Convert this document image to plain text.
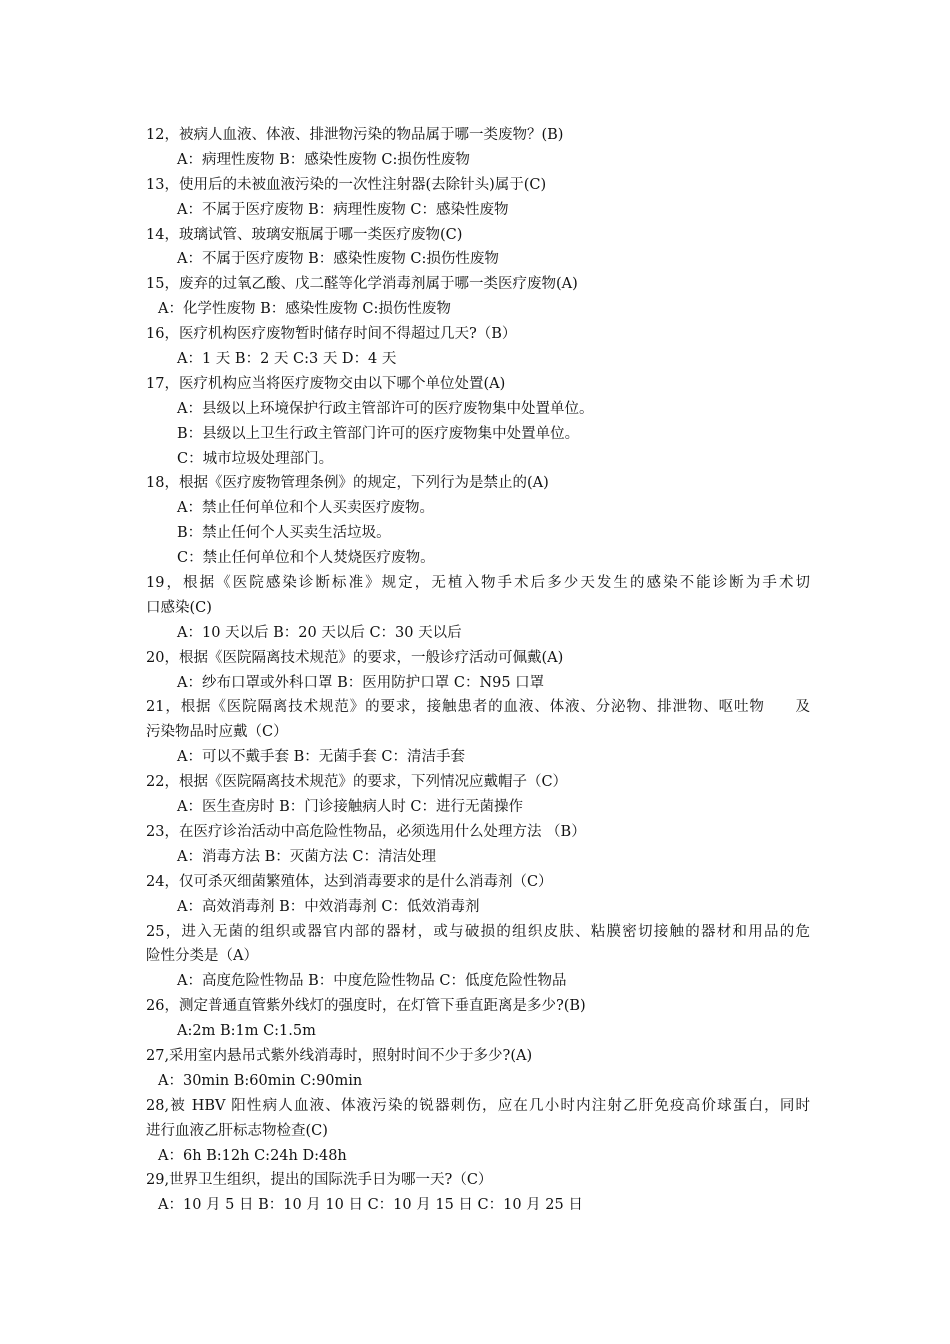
12，被病人血液、体液、排泄物污染的物品属于哪一类废物？(B)
A：病理性废物 B：感染性废物 C:损伤性废物
13，使用后的未被血液污染的一次性注射器(去除针头)属于(C)
A：不属于医疗废物 B：病理性废物 C：感染性废物
14，玻璃试管、玻璃安瓶属于哪一类医疗废物(C)
A：不属于医疗废物 B：感染性废物 C:损伤性废物
15，废弃的过氧乙酸、戊二醛等化学消毒剂属于哪一类医疗废物(A)
A：化学性废物 B：感染性废物 C:损伤性废物
16，医疗机构医疗废物暂时储存时间不得超过几天?（B）
A：1 天 B：2 天 C:3 天 D：4 天
17，医疗机构应当将医疗废物交由以下哪个单位处置(A)
A：县级以上环境保护行政主管部许可的医疗废物集中处置单位。
B：县级以上卫生行政主管部门许可的医疗废物集中处置单位。
C：城市垃圾处理部门。
18，根据《医疗废物管理条例》的规定，下列行为是禁止的(A)
A：禁止任何单位和个人买卖医疗废物。
B：禁止任何个人买卖生活垃圾。
C：禁止任何单位和个人焚烧医疗废物。
19，根据《医院感染诊断标准》规定，无植入物手术后多少天发生的感染不能诊断为手术切
口感染(C)
A：10 天以后 B：20 天以后 C：30 天以后
20，根据《医院隔离技术规范》的要求，一般诊疗活动可佩戴(A)
A：纱布口罩或外科口罩 B：医用防护口罩 C：N95 口罩
21，根据《医院隔离技术规范》的要求，接触患者的血液、体液、分泌物、排泄物、呕吐物　　及
污染物品时应戴（C）
A：可以不戴手套 B：无菌手套 C：清洁手套
22，根据《医院隔离技术规范》的要求，下列情况应戴帽子（C）
A：医生查房时 B：门诊接触病人时 C：进行无菌操作
23，在医疗诊治活动中高危险性物品，必须选用什么处理方法 （B）
A：消毒方法 B：灭菌方法 C：清洁处理
24，仅可杀灭细菌繁殖体，达到消毒要求的是什么消毒剂（C）
A：高效消毒剂 B：中效消毒剂 C：低效消毒剂
25，进入无菌的组织或器官内部的器材，或与破损的组织皮肤、粘膜密切接触的器材和用品的危
险性分类是（A）
A：高度危险性物品 B：中度危险性物品 C：低度危险性物品
26，测定普通直管紫外线灯的强度时，在灯管下垂直距离是多少?(B)
A:2m B:1m C:1.5m
27,采用室内悬吊式紫外线消毒时，照射时间不少于多少?(A)
A：30min B:60min C:90min
28,被 HBV 阳性病人血液、体液污染的锐器刺伤，应在几小时内注射乙肝免疫高价球蛋白，同时
进行血液乙肝标志物检查(C)
A：6h B:12h C:24h D:48h
29,世界卫生组织，提出的国际洗手日为哪一天?（C）
A：10 月 5 日 B：10 月 10 日 C：10 月 15 日 C：10 月 25 日
